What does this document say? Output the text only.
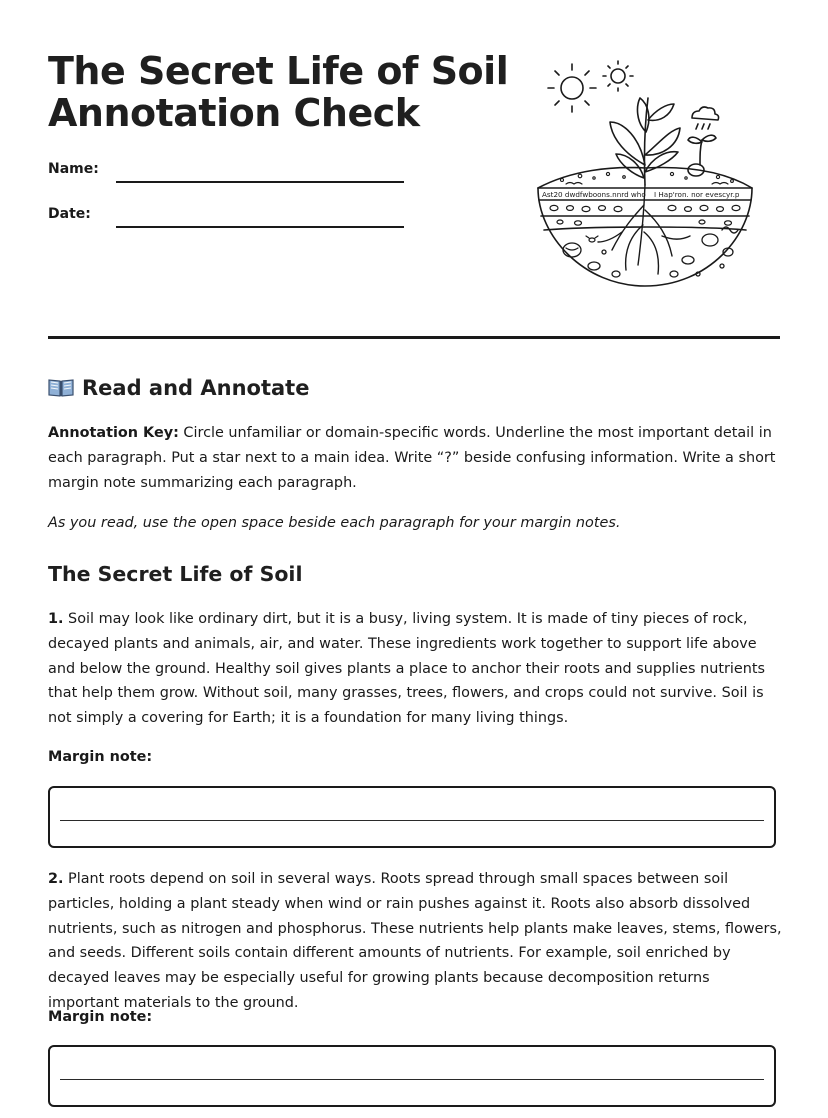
The Secret Life of Soil
Annotation Check
Name:
Date:
Ast20 dwdfwboons.nnrd who I Hap'ron. nor evescyr.p
Read and Annotate

Annotation Key: Circle unfamiliar or domain-specific words. Underline the most important detail in each paragraph. Put a star next to a main idea. Write “?” beside confusing information. Write a short margin note summarizing each paragraph.

As you read, use the open space beside each paragraph for your margin notes.

The Secret Life of Soil

1. Soil may look like ordinary dirt, but it is a busy, living system. It is made of tiny pieces of rock, decayed plants and animals, air, and water. These ingredients work together to support life above and below the ground. Healthy soil gives plants a place to anchor their roots and supplies nutrients that help them grow. Without soil, many grasses, trees, flowers, and crops could not survive. Soil is not simply a covering for Earth; it is a foundation for many living things.

Margin note:

2. Plant roots depend on soil in several ways. Roots spread through small spaces between soil particles, holding a plant steady when wind or rain pushes against it. Roots also absorb dissolved nutrients, such as nitrogen and phosphorus. These nutrients help plants make leaves, stems, flowers, and seeds. Different soils contain different amounts of nutrients. For example, soil enriched by decayed leaves may be especially useful for growing plants because decomposition returns important materials to the ground.

Margin note:
